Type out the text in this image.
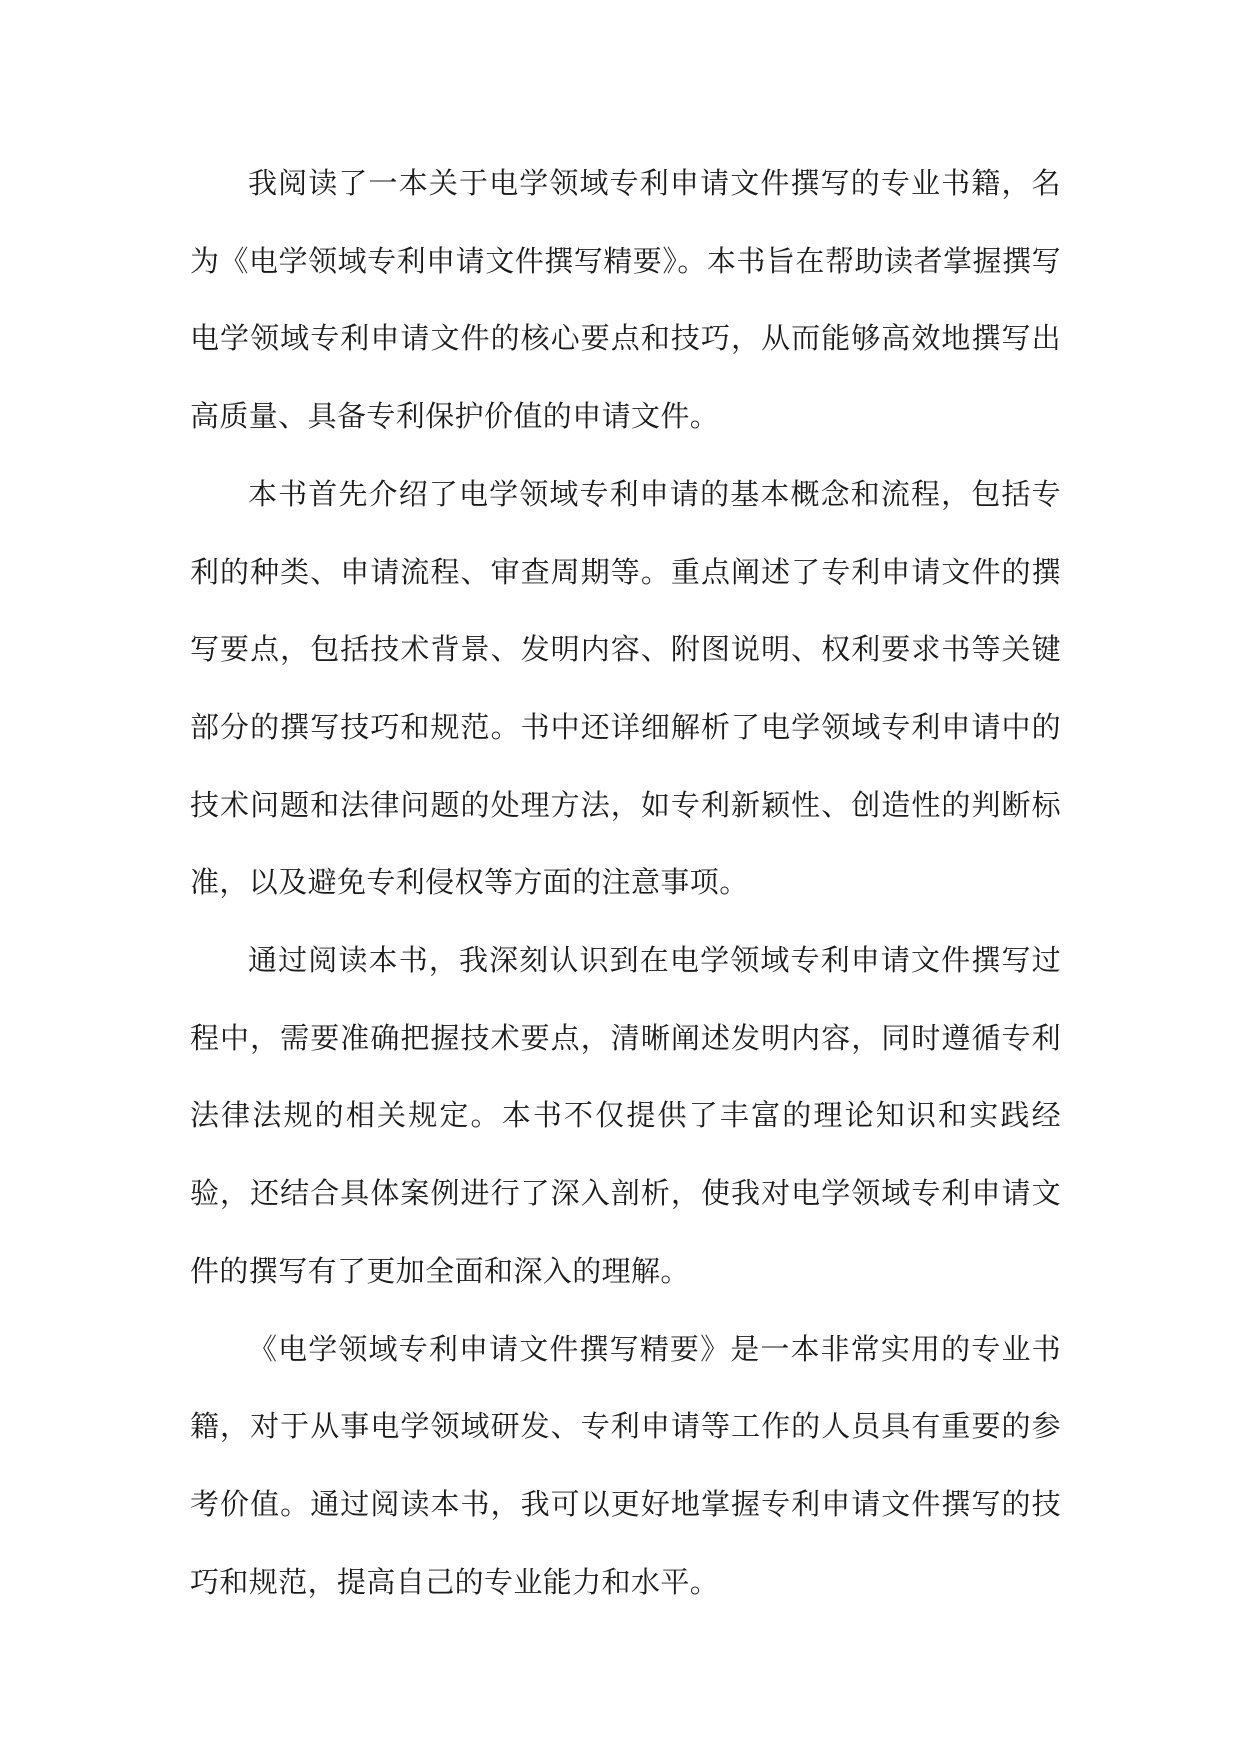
我阅读了一本关于电学领域专利申请文件撰写的专业书籍，名为《电学领域专利申请文件撰写精要》。本书旨在帮助读者掌握撰写电学领域专利申请文件的核心要点和技巧，从而能够高效地撰写出高质量、具备专利保护价值的申请文件。

本书首先介绍了电学领域专利申请的基本概念和流程，包括专利的种类、申请流程、审查周期等。重点阐述了专利申请文件的撰写要点，包括技术背景、发明内容、附图说明、权利要求书等关键部分的撰写技巧和规范。书中还详细解析了电学领域专利申请中的技术问题和法律问题的处理方法，如专利新颖性、创造性的判断标准，以及避免专利侵权等方面的注意事项。

通过阅读本书，我深刻认识到在电学领域专利申请文件撰写过程中，需要准确把握技术要点，清晰阐述发明内容，同时遵循专利法律法规的相关规定。本书不仅提供了丰富的理论知识和实践经验，还结合具体案例进行了深入剖析，使我对电学领域专利申请文件的撰写有了更加全面和深入的理解。

《电学领域专利申请文件撰写精要》是一本非常实用的专业书籍，对于从事电学领域研发、专利申请等工作的人员具有重要的参考价值。通过阅读本书，我可以更好地掌握专利申请文件撰写的技巧和规范，提高自己的专业能力和水平。
